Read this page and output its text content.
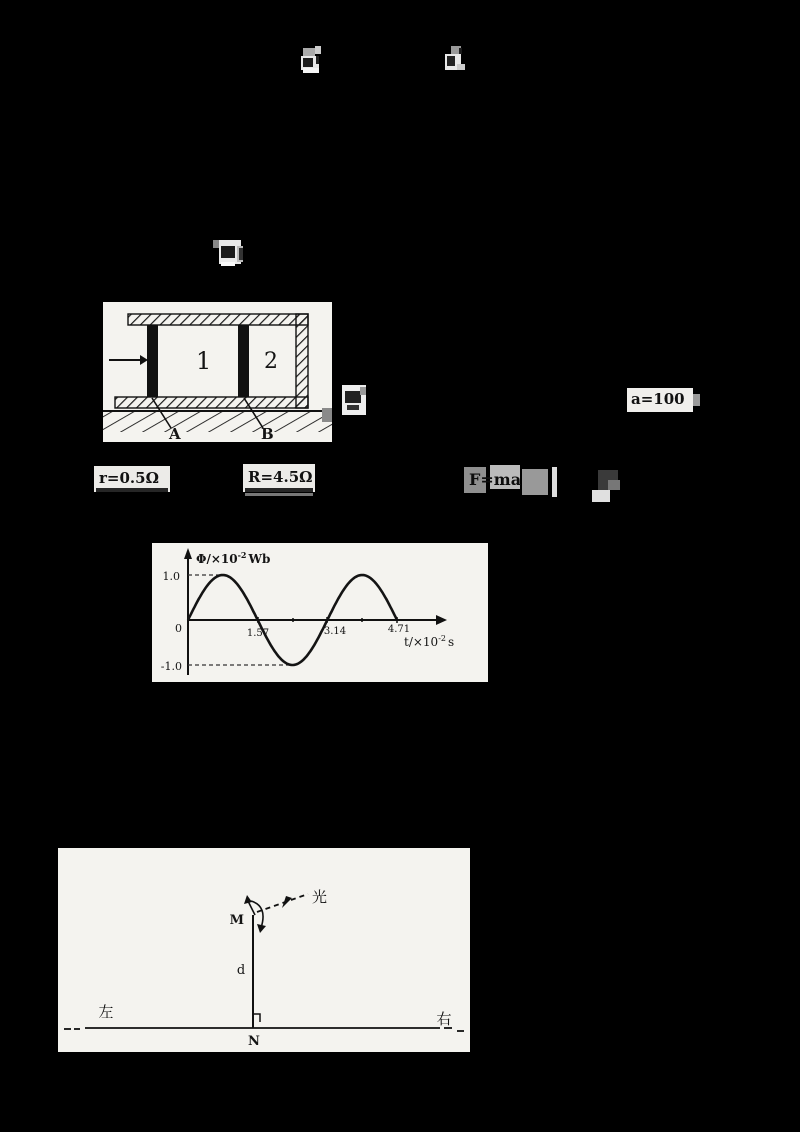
1 2
A	B
a=100
r=0.5Ω	R=4.5Ω	F=ma
1.57	3.14	4.71
1.0
0
-1.0
$\Phi/\times 10^{-2}$ Wb
$t/\times 10^{-2}$ s
M
d
N
左	右
光
